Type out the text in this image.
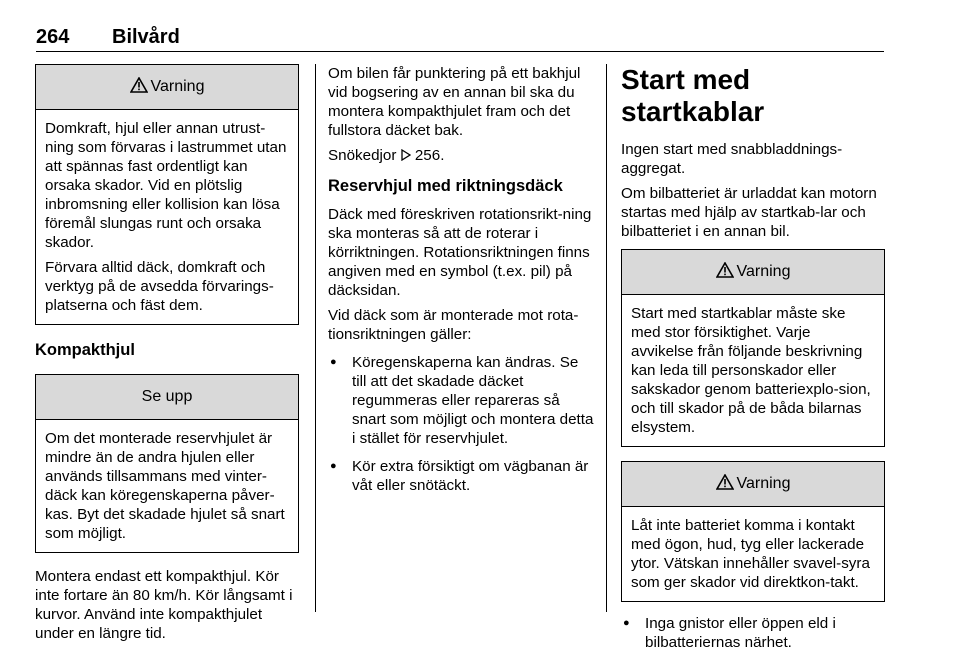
264 Bilvård
Varning

Domkraft, hjul eller annan utrust-ning som förvaras i lastrummet utan att spännas fast ordentligt kan orsaka skador. Vid en plötslig inbromsning eller kollision kan lösa föremål slungas runt och orsaka skador.

Förvara alltid däck, domkraft och verktyg på de avsedda förvarings-platserna och fäst dem.

Kompakthjul
Se upp

Om det monterade reservhjulet är mindre än de andra hjulen eller används tillsammans med vinter-däck kan köregenskaperna påver-kas. Byt det skadade hjulet så snart som möjligt.

Montera endast ett kompakthjul. Kör inte fortare än 80 km/h. Kör långsamt i kurvor. Använd inte kompakthjulet under en längre tid.

Om bilen får punktering på ett bakhjul vid bogsering av en annan bil ska du montera kompakthjulet fram och det fullstora däcket bak.

Snökedjor 256.

Reservhjul med riktningsdäck

Däck med föreskriven rotationsrikt-ning ska monteras så att de roterar i körriktningen. Rotationsriktningen finns angiven med en symbol (t.ex. pil) på däcksidan.

Vid däck som är monterade mot rota-tionsriktningen gäller:

● Köregenskaperna kan ändras. Se till att det skadade däcket regummeras eller repareras så snart som möjligt och montera detta i stället för reservhjulet.
● Kör extra försiktigt om vägbanan är våt eller snötäckt.
Start med startkablar

Ingen start med snabbladdnings-aggregat.

Om bilbatteriet är urladdat kan motorn startas med hjälp av startkab-lar och bilbatteriet i en annan bil.

Varning

Start med startkablar måste ske med stor försiktighet. Varje avvikelse från följande beskrivning kan leda till personskador eller sakskador genom batteriexplo-sion, och till skador på de båda bilarnas elsystem.

Varning

Låt inte batteriet komma i kontakt med ögon, hud, tyg eller lackerade ytor. Vätskan innehåller svavel-syra som ger skador vid direktkon-takt.

● Inga gnistor eller öppen eld i bilbatteriernas närhet.
